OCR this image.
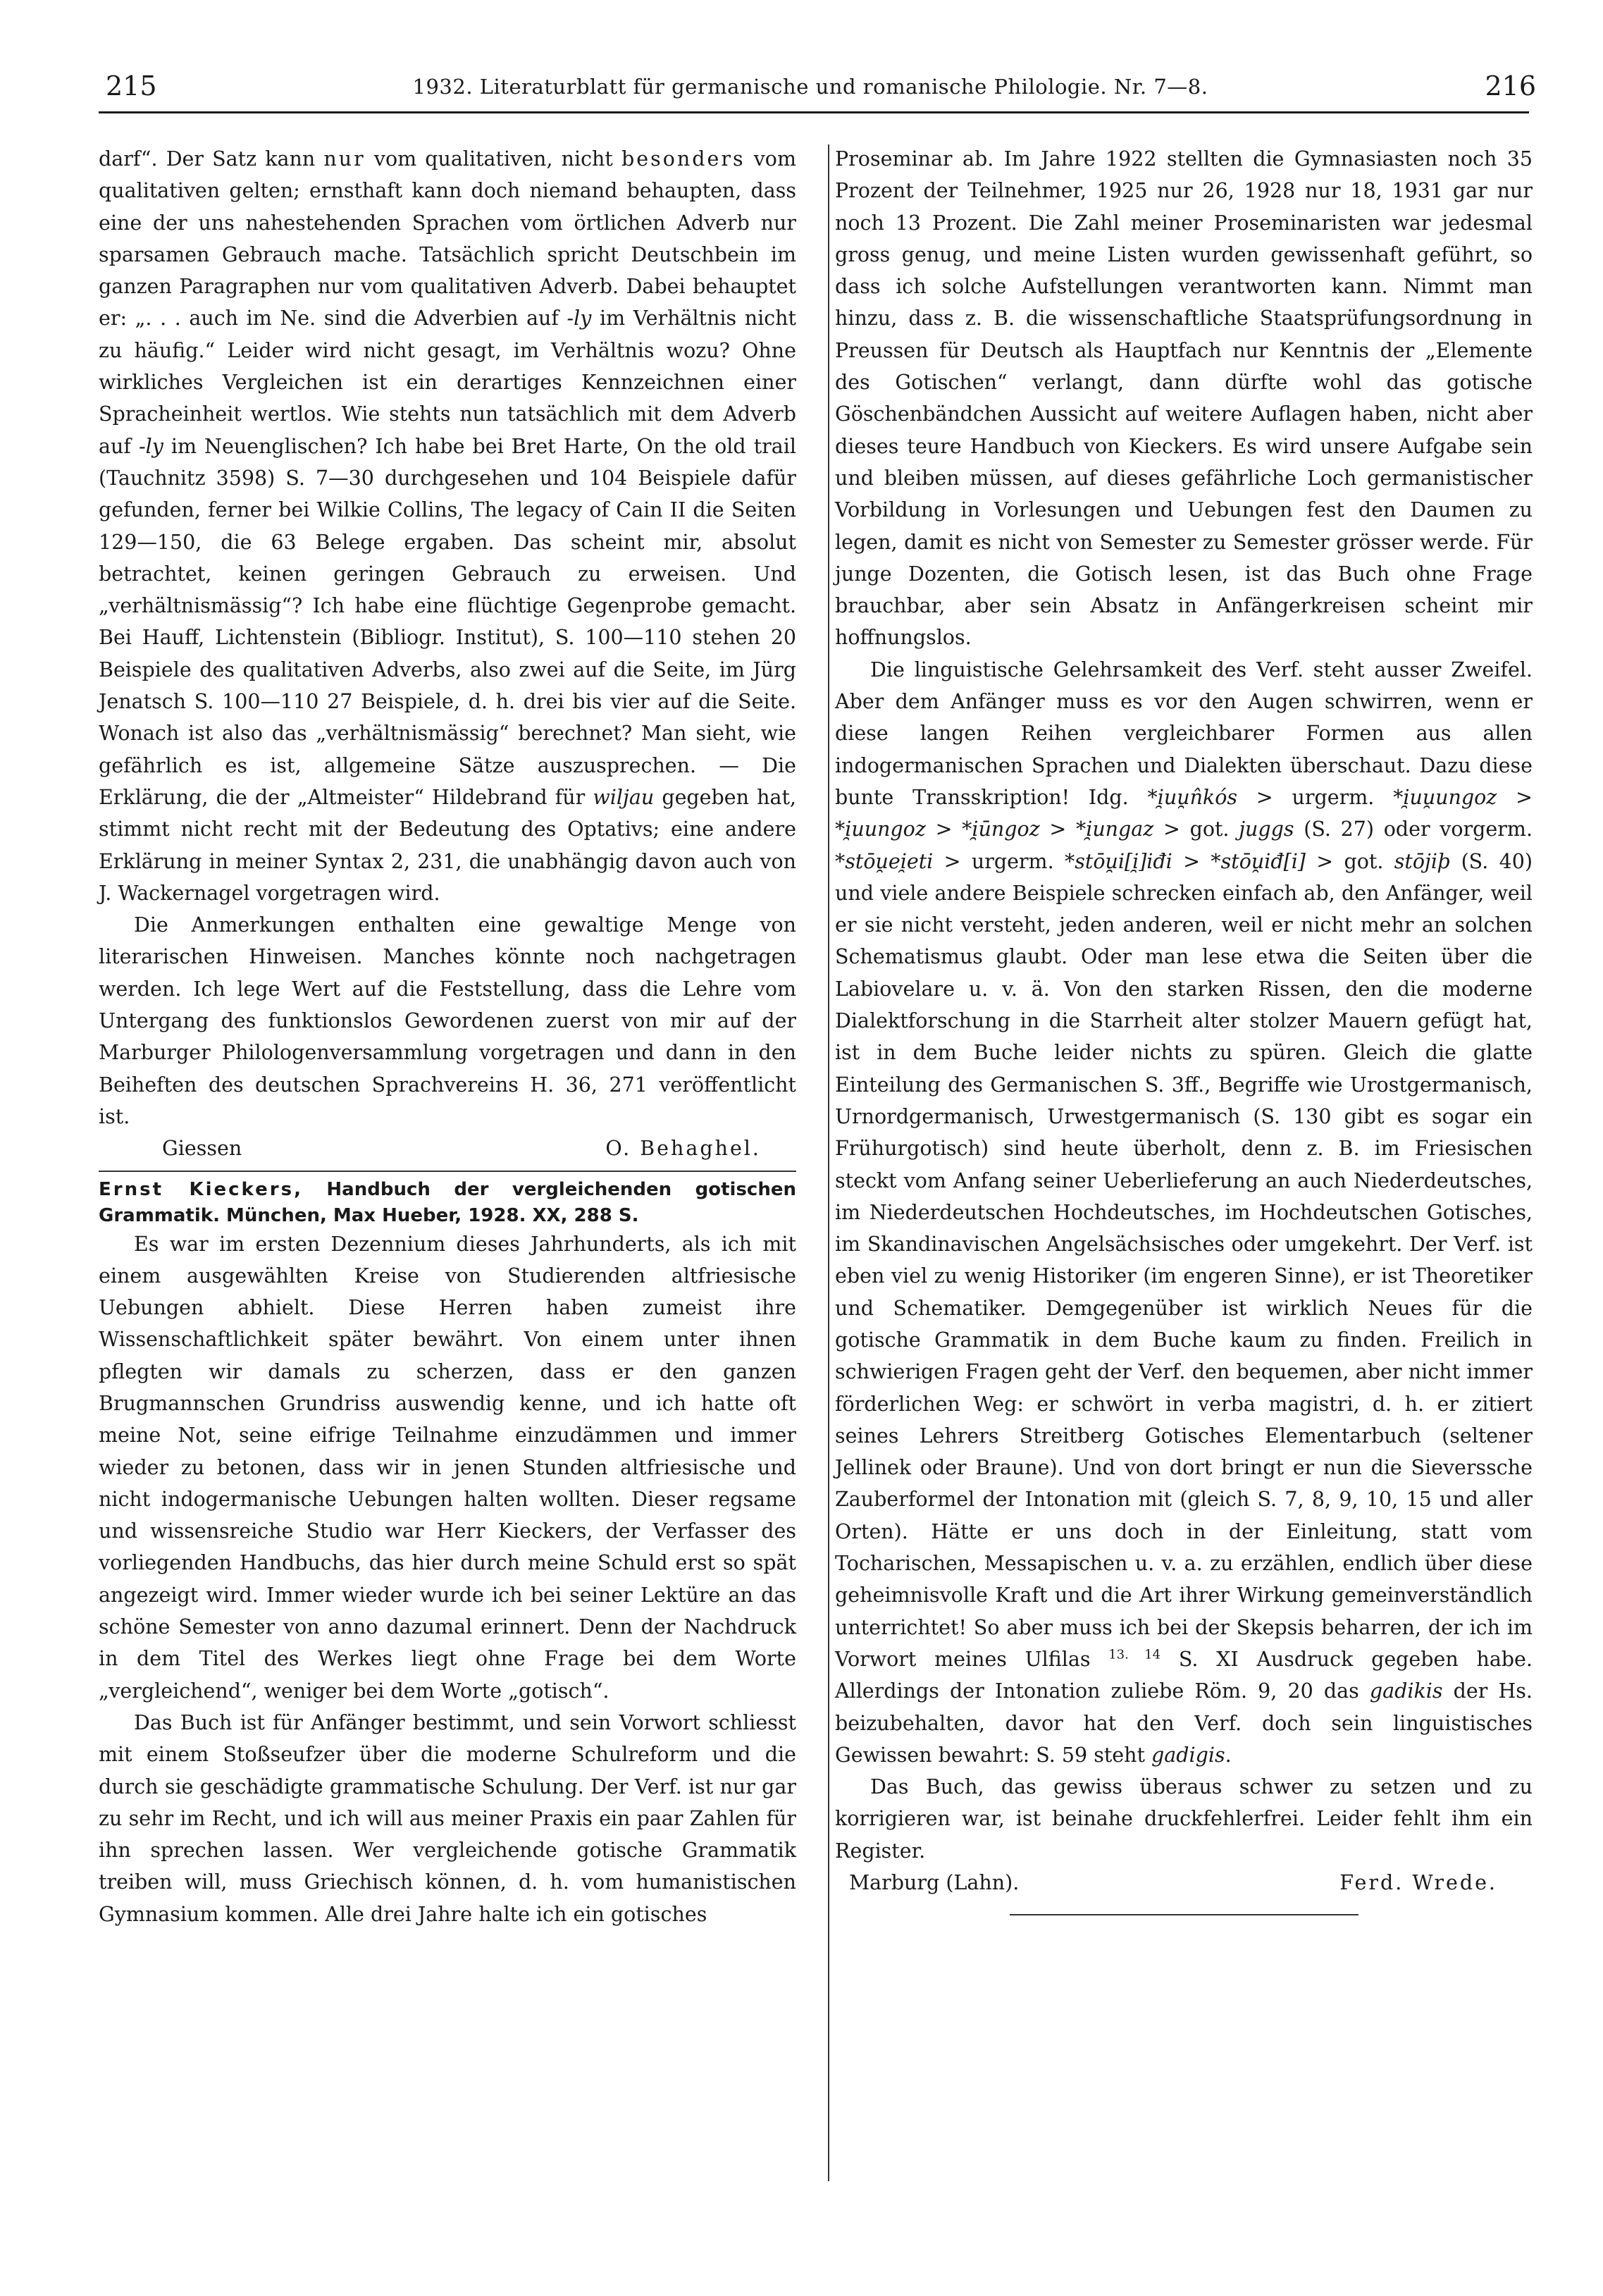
215	1932. Literaturblatt für germanische und romanische Philologie. Nr. 7—8.	216

darf“. Der Satz kann nur vom qualitativen, nicht besonders vom qualitativen gelten; ernsthaft kann doch niemand behaupten, dass eine der uns nahestehenden Sprachen vom örtlichen Adverb nur sparsamen Gebrauch mache. Tatsächlich spricht Deutschbein im ganzen Paragraphen nur vom qualitativen Adverb. Dabei behauptet er: „. . . auch im Ne. sind die Adverbien auf -ly im Verhältnis nicht zu häufig.“ Leider wird nicht gesagt, im Verhältnis wozu? Ohne wirkliches Vergleichen ist ein derartiges Kennzeichnen einer Spracheinheit wertlos. Wie stehts nun tatsächlich mit dem Adverb auf -ly im Neuenglischen? Ich habe bei Bret Harte, On the old trail (Tauchnitz 3598) S. 7—30 durchgesehen und 104 Beispiele dafür gefunden, ferner bei Wilkie Collins, The legacy of Cain II die Seiten 129—150, die 63 Belege ergaben. Das scheint mir, absolut betrachtet, keinen geringen Gebrauch zu erweisen. Und „verhältnismässig“? Ich habe eine flüchtige Gegenprobe gemacht. Bei Hauff, Lichtenstein (Bibliogr. Institut), S. 100—110 stehen 20 Beispiele des qualitativen Adverbs, also zwei auf die Seite, im Jürg Jenatsch S. 100—110 27 Beispiele, d. h. drei bis vier auf die Seite. Wonach ist also das „verhältnismässig“ berechnet? Man sieht, wie gefährlich es ist, allgemeine Sätze auszusprechen. — Die Erklärung, die der „Altmeister“ Hildebrand für wiljau gegeben hat, stimmt nicht recht mit der Bedeutung des Optativs; eine andere Erklärung in meiner Syntax 2, 231, die unabhängig davon auch von J. Wackernagel vorgetragen wird.

Die Anmerkungen enthalten eine gewaltige Menge von literarischen Hinweisen. Manches könnte noch nachgetragen werden. Ich lege Wert auf die Feststellung, dass die Lehre vom Untergang des funktionslos Gewordenen zuerst von mir auf der Marburger Philologenversammlung vorgetragen und dann in den Beiheften des deutschen Sprachvereins H. 36, 271 veröffentlicht ist.

Giessen	O. Behaghel.

Ernst Kieckers, Handbuch der vergleichenden gotischen Grammatik. München, Max Hueber, 1928. XX, 288 S.

Es war im ersten Dezennium dieses Jahrhunderts, als ich mit einem ausgewählten Kreise von Studierenden altfriesische Uebungen abhielt. Diese Herren haben zumeist ihre Wissenschaftlichkeit später bewährt. Von einem unter ihnen pflegten wir damals zu scherzen, dass er den ganzen Brugmannschen Grundriss auswendig kenne, und ich hatte oft meine Not, seine eifrige Teilnahme einzudämmen und immer wieder zu betonen, dass wir in jenen Stunden altfriesische und nicht indogermanische Uebungen halten wollten. Dieser regsame und wissensreiche Studio war Herr Kieckers, der Verfasser des vorliegenden Handbuchs, das hier durch meine Schuld erst so spät angezeigt wird. Immer wieder wurde ich bei seiner Lektüre an das schöne Semester von anno dazumal erinnert. Denn der Nachdruck in dem Titel des Werkes liegt ohne Frage bei dem Worte „vergleichend“, weniger bei dem Worte „gotisch“.

Das Buch ist für Anfänger bestimmt, und sein Vorwort schliesst mit einem Stoßseufzer über die moderne Schulreform und die durch sie geschädigte grammatische Schulung. Der Verf. ist nur gar zu sehr im Recht, und ich will aus meiner Praxis ein paar Zahlen für ihn sprechen lassen. Wer vergleichende gotische Grammatik treiben will, muss Griechisch können, d. h. vom humanistischen Gymnasium kommen. Alle drei Jahre halte ich ein gotisches

Proseminar ab. Im Jahre 1922 stellten die Gymnasiasten noch 35 Prozent der Teilnehmer, 1925 nur 26, 1928 nur 18, 1931 gar nur noch 13 Prozent. Die Zahl meiner Proseminaristen war jedesmal gross genug, und meine Listen wurden gewissenhaft geführt, so dass ich solche Aufstellungen verantworten kann. Nimmt man hinzu, dass z. B. die wissenschaftliche Staatsprüfungsordnung in Preussen für Deutsch als Hauptfach nur Kenntnis der „Elemente des Gotischen“ verlangt, dann dürfte wohl das gotische Göschenbändchen Aussicht auf weitere Auflagen haben, nicht aber dieses teure Handbuch von Kieckers. Es wird unsere Aufgabe sein und bleiben müssen, auf dieses gefährliche Loch germanistischer Vorbildung in Vorlesungen und Uebungen fest den Daumen zu legen, damit es nicht von Semester zu Semester grösser werde. Für junge Dozenten, die Gotisch lesen, ist das Buch ohne Frage brauchbar, aber sein Absatz in Anfängerkreisen scheint mir hoffnungslos.

Die linguistische Gelehrsamkeit des Verf. steht ausser Zweifel. Aber dem Anfänger muss es vor den Augen schwirren, wenn er diese langen Reihen vergleichbarer Formen aus allen indogermanischen Sprachen und Dialekten überschaut. Dazu diese bunte Transskription! Idg. *i̯uu̯n̂kós > urgerm. *i̯uu̯ungoz > *i̯uungoz > *i̯ūngoz > *i̯ungaz > got. juggs (S. 27) oder vorgerm. *stōu̯ei̯eti > urgerm. *stōu̯i[i̯]iđi > *stōu̯iđ[i] > got. stōjiþ (S. 40) und viele andere Beispiele schrecken einfach ab, den Anfänger, weil er sie nicht versteht, jeden anderen, weil er nicht mehr an solchen Schematismus glaubt. Oder man lese etwa die Seiten über die Labiovelare u. v. ä. Von den starken Rissen, den die moderne Dialektforschung in die Starrheit alter stolzer Mauern gefügt hat, ist in dem Buche leider nichts zu spüren. Gleich die glatte Einteilung des Germanischen S. 3ff., Begriffe wie Urostgermanisch, Urnordgermanisch, Urwestgermanisch (S. 130 gibt es sogar ein Frühurgotisch) sind heute überholt, denn z. B. im Friesischen steckt vom Anfang seiner Ueberlieferung an auch Niederdeutsches, im Niederdeutschen Hochdeutsches, im Hochdeutschen Gotisches, im Skandinavischen Angelsächsisches oder umgekehrt. Der Verf. ist eben viel zu wenig Historiker (im engeren Sinne), er ist Theoretiker und Schematiker. Demgegenüber ist wirklich Neues für die gotische Grammatik in dem Buche kaum zu finden. Freilich in schwierigen Fragen geht der Verf. den bequemen, aber nicht immer förderlichen Weg: er schwört in verba magistri, d. h. er zitiert seines Lehrers Streitberg Gotisches Elementarbuch (seltener Jellinek oder Braune). Und von dort bringt er nun die Sieverssche Zauberformel der Intonation mit (gleich S. 7, 8, 9, 10, 15 und aller Orten). Hätte er uns doch in der Einleitung, statt vom Tocharischen, Messapischen u. v. a. zu erzählen, endlich über diese geheimnisvolle Kraft und die Art ihrer Wirkung gemeinverständlich unterrichtet! So aber muss ich bei der Skepsis beharren, der ich im Vorwort meines Ulfilas $^{13. 14}$ S. XI Ausdruck gegeben habe. Allerdings der Intonation zuliebe Röm. 9, 20 das gadikis der Hs. beizubehalten, davor hat den Verf. doch sein linguistisches Gewissen bewahrt: S. 59 steht gadigis.

Das Buch, das gewiss überaus schwer zu setzen und zu korrigieren war, ist beinahe druckfehlerfrei. Leider fehlt ihm ein Register.

Marburg (Lahn).	Ferd. Wrede.
